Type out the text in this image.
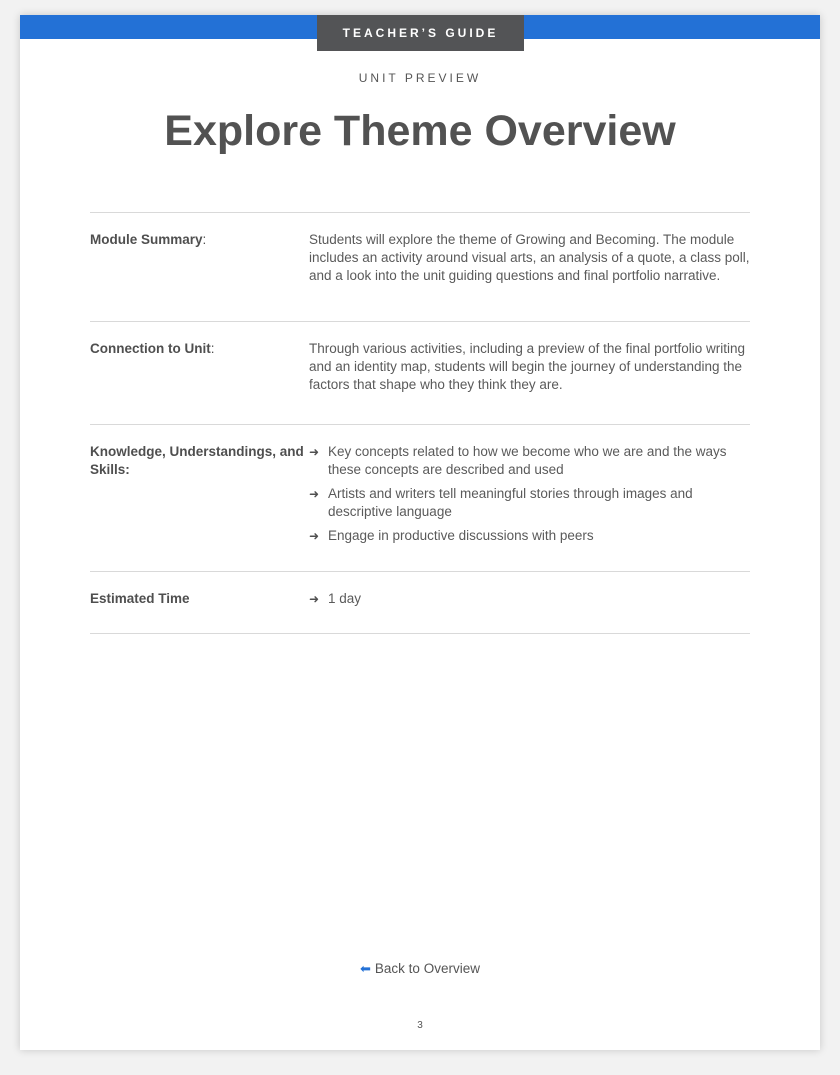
TEACHER’S GUIDE
UNIT PREVIEW
Explore Theme Overview
Module Summary:	Students will explore the theme of Growing and Becoming. The module includes an activity around visual arts, an analysis of a quote, a class poll, and a look into the unit guiding questions and final portfolio narrative.
Connection to Unit:	Through various activities, including a preview of the final portfolio writing and an identity map, students will begin the journey of understanding the factors that shape who they think they are.
Knowledge, Understandings, and Skills:
➜ Key concepts related to how we become who we are and the ways these concepts are described and used
➜ Artists and writers tell meaningful stories through images and descriptive language
➜ Engage in productive discussions with peers
Estimated Time	➜ 1 day
⬅ Back to Overview
3
